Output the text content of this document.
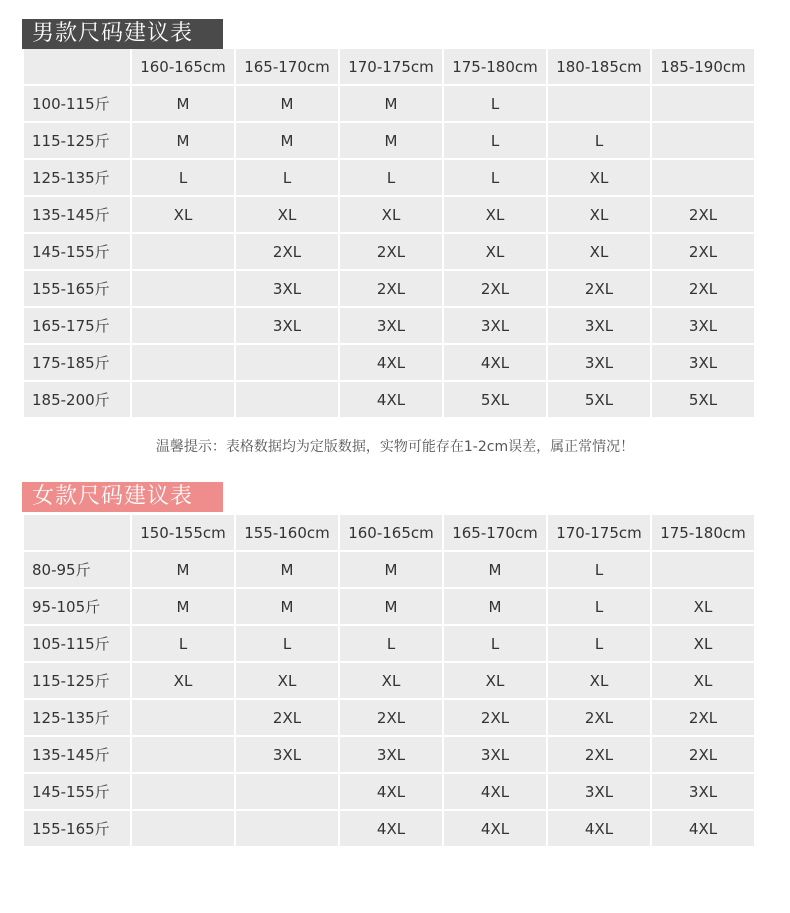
男款尺码建议表
	160-165cm	165-170cm	170-175cm	175-180cm	180-185cm	185-190cm
100-115斤	M	M	M	L		
115-125斤	M	M	M	L	L	
125-135斤	L	L	L	L	XL	
135-145斤	XL	XL	XL	XL	XL	2XL
145-155斤		2XL	2XL	XL	XL	2XL
155-165斤		3XL	2XL	2XL	2XL	2XL
165-175斤		3XL	3XL	3XL	3XL	3XL
175-185斤			4XL	4XL	3XL	3XL
185-200斤			4XL	5XL	5XL	5XL
温馨提示：表格数据均为定版数据，实物可能存在1-2cm误差，属正常情况！
女款尺码建议表
	150-155cm	155-160cm	160-165cm	165-170cm	170-175cm	175-180cm
80-95斤	M	M	M	M	L	
95-105斤	M	M	M	M	L	XL
105-115斤	L	L	L	L	L	XL
115-125斤	XL	XL	XL	XL	XL	XL
125-135斤		2XL	2XL	2XL	2XL	2XL
135-145斤		3XL	3XL	3XL	2XL	2XL
145-155斤			4XL	4XL	3XL	3XL
155-165斤			4XL	4XL	4XL	4XL
